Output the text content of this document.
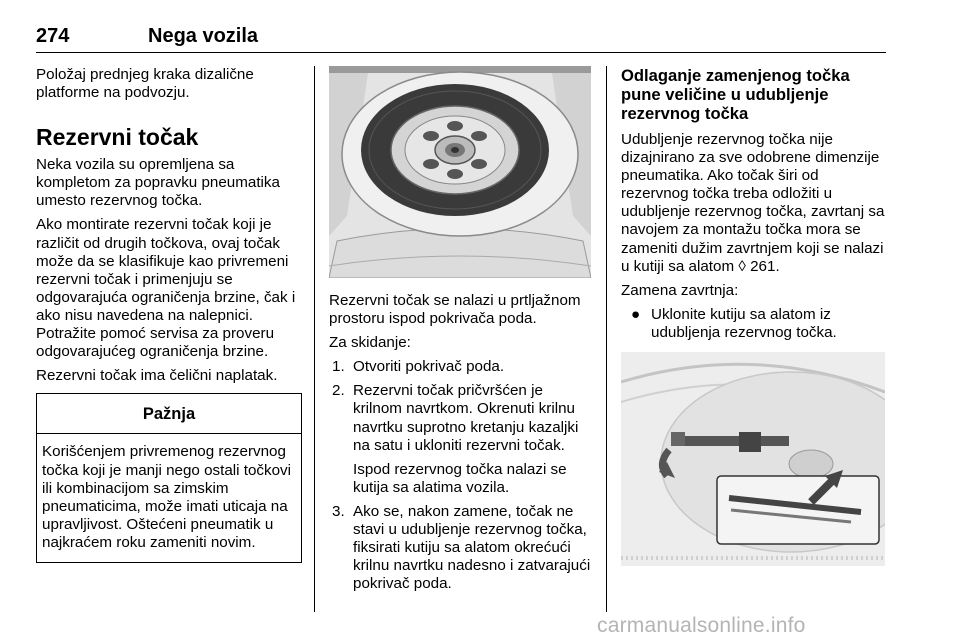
274	Nega vozila

Položaj prednjeg kraka dizalične platforme na podvozju.

Rezervni točak

Neka vozila su opremljena sa kompletom za popravku pneumatika umesto rezervnog točka.

Ako montirate rezervni točak koji je različit od drugih točkova, ovaj točak može da se klasifikuje kao privremeni rezervni točak i primenjuju se odgovarajuća ograničenja brzine, čak i ako nisu navedena na nalepnici. Potražite pomoć servisa za proveru odgovarajućeg ograničenja brzine.

Rezervni točak ima čelični naplatak.

Pažnja
Korišćenjem privremenog rezervnog točka koji je manji nego ostali točkovi ili kombinacijom sa zimskim pneumaticima, može imati uticaja na upravljivost. Oštećeni pneumatik u najkraćem roku zameniti novim.

Rezervni točak se nalazi u prtljažnom prostoru ispod pokrivača poda.

Za skidanje:

1. Otvoriti pokrivač poda.
2. Rezervni točak pričvršćen je krilnom navrtkom. Okrenuti krilnu navrtku suprotno kretanju kazaljki na satu i ukloniti rezervni točak.
Ispod rezervnog točka nalazi se kutija sa alatima vozila.
3. Ako se, nakon zamene, točak ne stavi u udubljenje rezervnog točka, fiksirati kutiju sa alatom okrećući krilnu navrtku nadesno i zatvarajući pokrivač poda.
Odlaganje zamenjenog točka pune veličine u udubljenje rezervnog točka

Udubljenje rezervnog točka nije dizajnirano za sve odobrene dimenzije pneumatika. Ako točak širi od rezervnog točka treba odložiti u udubljenje rezervnog točka, zavrtanj sa navojem za montažu točka mora se zameniti dužim zavrtnjem koji se nalazi u kutiji sa alatom ◊ 261.

Zamena zavrtnja:

● Uklonite kutiju sa alatom iz udubljenja rezervnog točka.
carmanualsonline.info
